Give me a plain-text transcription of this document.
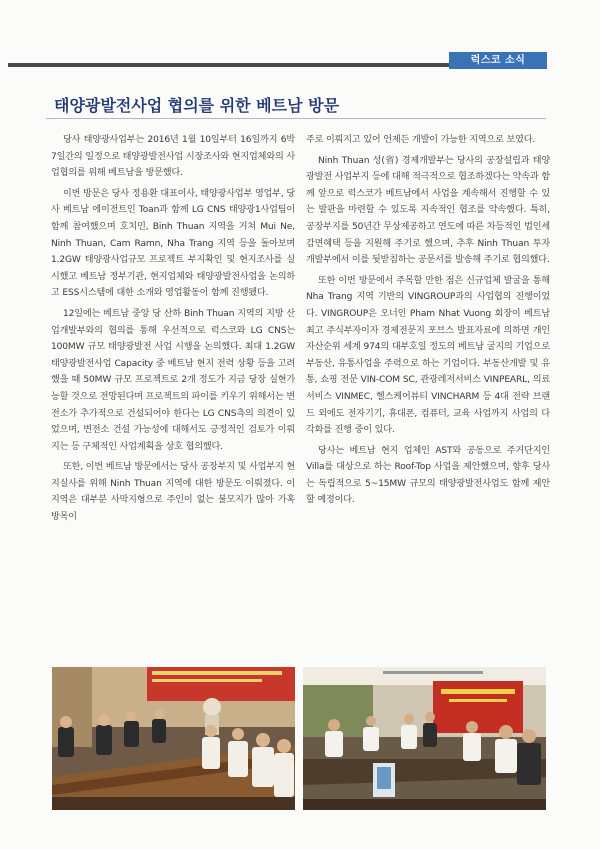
럭스코 소식
태양광발전사업 협의를 위한 베트남 방문

당사 태양광사업부는 2016년 1월 10일부터 16일까지 6박 7일간의 일정으로 태양광발전사업 시장조사와 현지업체와의 사업협의를 위해 베트남을 방문했다.

이번 방문은 당사 정용환 대표이사, 태양광사업부 영업부, 당사 베트남 에이전트인 Toan과 함께 LG CNS 태양광1사업팀이 함께 참여했으며 호치민, Binh Thuan 지역을 거쳐 Mui Ne, Ninh Thuan, Cam Ramn, Nha Trang 지역 등을 돌아보며 1.2GW 태양광사업규모 프로젝트 부지확인 및 현지조사를 실시했고 베트남 정부기관, 현지업체와 태양광발전사업을 논의하고 ESS시스템에 대한 소개와 영업활동이 함께 진행됐다.

12일에는 베트남 중앙 당 산하 Binh Thuan 지역의 지방 산업개발부와의 협의를 통해 우선적으로 럭스코와 LG CNS는 100MW 규모 태양광발전 사업 시행을 논의했다. 최대 1.2GW 태양광발전사업 Capacity 중 베트남 현지 전력 상황 등을 고려했을 때 50MW 규모 프로젝트로 2개 정도가 지금 당장 실현가능할 것으로 전망된다며 프로젝트의 파이를 키우기 위해서는 변전소가 추가적으로 건설되어야 한다는 LG CNS측의 의견이 있었으며, 변전소 건설 가능성에 대해서도 긍정적인 검토가 이뤄지는 등 구체적인 사업계획을 상호 협의했다.

또한, 이번 베트남 방문에서는 당사 공장부지 및 사업부지 현지실사를 위해 Ninh Thuan 지역에 대한 방문도 이뤄졌다. 이 지역은 대부분 사막지형으로 주인이 없는 불모지가 많아 가혹 방목이

주로 이뤄지고 있어 언제든 개발이 가능한 지역으로 보였다.

Ninh Thuan 성(省) 경제개발부는 당사의 공장설립과 태양광발전 사업부지 등에 대해 적극적으로 협조하겠다는 약속과 함께 앞으로 럭스코가 베트남에서 사업을 계속해서 진행할 수 있는 발판을 마련할 수 있도록 지속적인 협조를 약속했다. 특히, 공장부지를 50년간 무상제공하고 연도에 따른 차등적인 법인세 감면혜택 등을 지원해 주기로 했으며, 추후 Ninh Thuan 투자개발부에서 이를 뒷받침하는 공문서를 발송해 주기로 협의했다.

또한 이번 방문에서 주목할 만한 점은 신규업체 발굴을 통해 Nha Trang 지역 기반의 VINGROUP과의 사업협의 진행이었다. VINGROUP은 오너인 Pham Nhat Vuong 회장이 베트남 최고 주식부자이자 경제전문지 포브스 발표자료에 의하면 개인자산순위 세계 974의 대부호일 정도의 베트남 굴지의 기업으로 부동산, 유통사업을 주력으로 하는 기업이다. 부동산개발 및 유통, 쇼핑 전문 VIN-COM SC, 관광레저서비스 VINPEARL, 의료서비스 VINMEC, 헬스케어뷰티 VINCHARM 등 4대 전략 브랜드 외에도 전자기기, 휴대폰, 컴퓨터, 교육 사업까지 사업의 다각화를 진행 중이 있다.

당사는 베트남 현지 업체인 AST와 공동으로 주거단지인 Villa를 대상으로 하는 Roof-Top 사업을 제안했으며, 향후 당사는 독립적으로 5~15MW 규모의 태양광발전사업도 함께 제안할 예정이다.
